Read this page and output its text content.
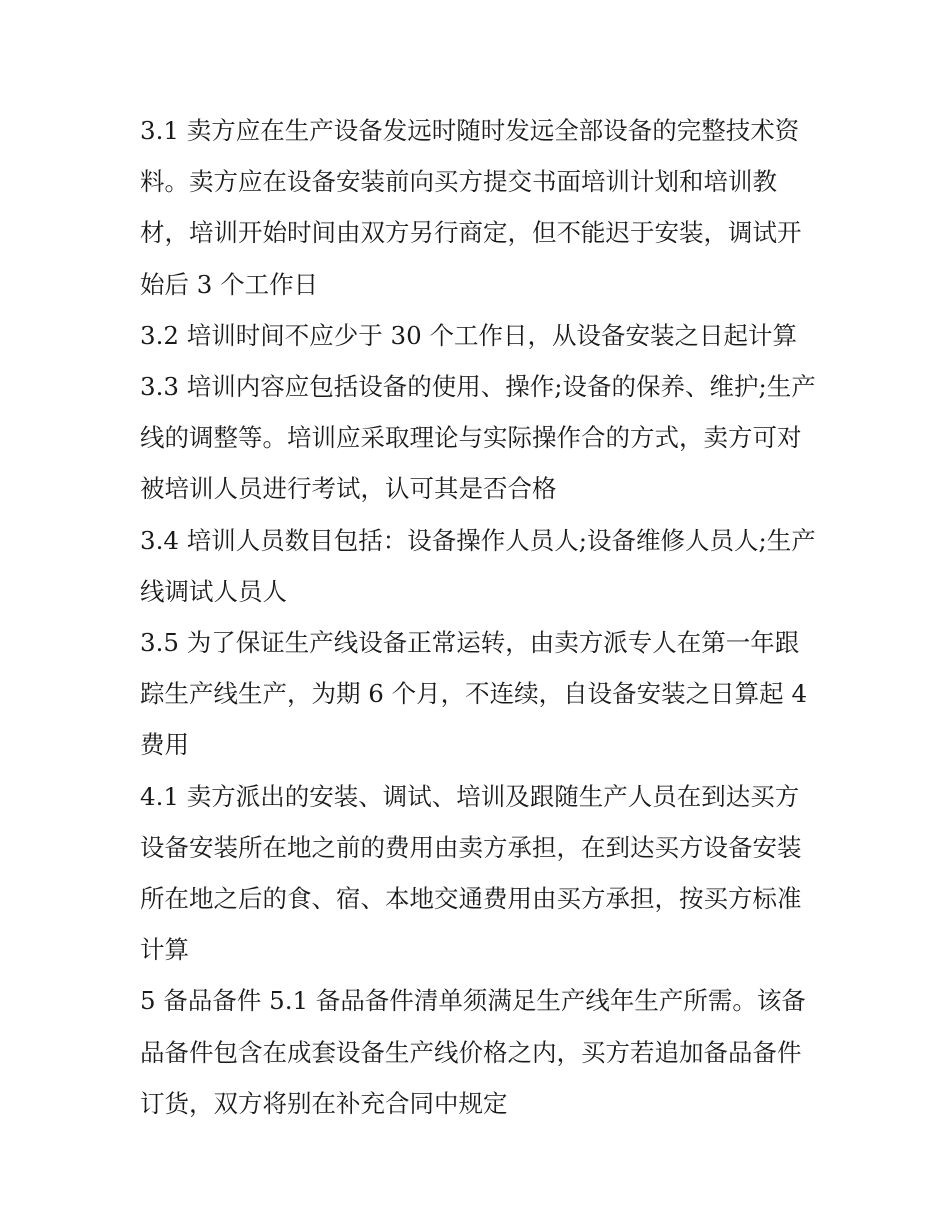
3.1 卖方应在生产设备发远时随时发远全部设备的完整技术资料。卖方应在设备安装前向买方提交书面培训计划和培训教材，培训开始时间由双方另行商定，但不能迟于安装，调试开始后 3 个工作日

3.2 培训时间不应少于 30 个工作日，从设备安装之日起计算

3.3 培训内容应包括设备的使用、操作;设备的保养、维护;生产线的调整等。培训应采取理论与实际操作合的方式，卖方可对被培训人员进行考试，认可其是否合格

3.4 培训人员数目包括：设备操作人员人;设备维修人员人;生产线调试人员人

3.5 为了保证生产线设备正常运转，由卖方派专人在第一年跟踪生产线生产，为期 6 个月，不连续，自设备安装之日算起 4 费用

4.1 卖方派出的安装、调试、培训及跟随生产人员在到达买方设备安装所在地之前的费用由卖方承担，在到达买方设备安装所在地之后的食、宿、本地交通费用由买方承担，按买方标准计算

5 备品备件 5.1 备品备件清单须满足生产线年生产所需。该备品备件包含在成套设备生产线价格之内，买方若追加备品备件订货，双方将别在补充合同中规定
